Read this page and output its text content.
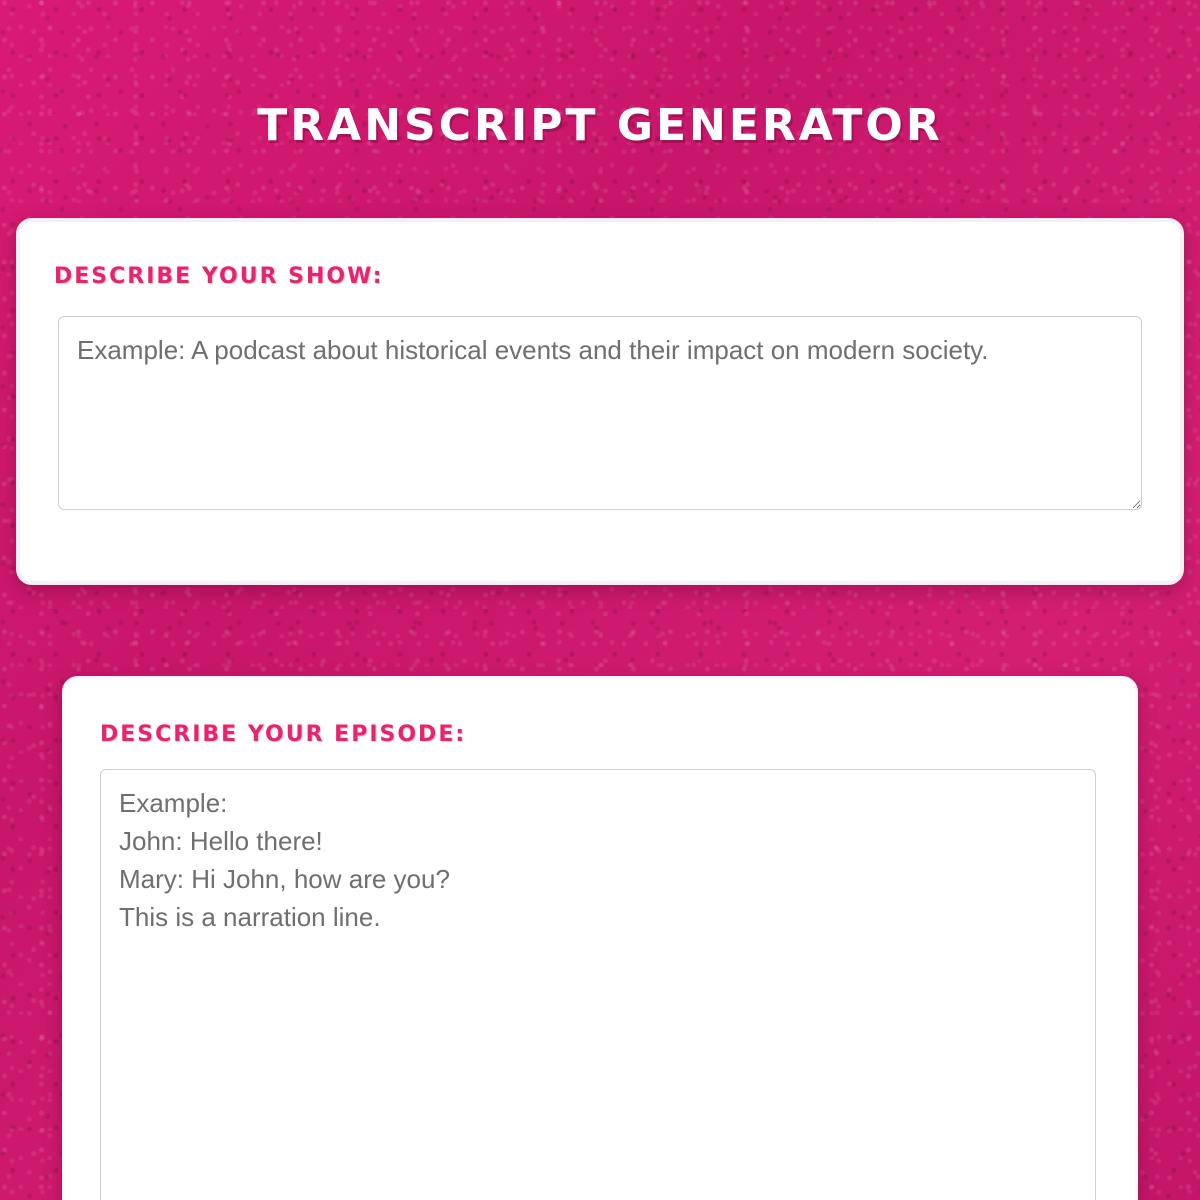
TRANSCRIPT GENERATOR
DESCRIBE YOUR SHOW:
Example: A podcast about historical events and their impact on modern society.
DESCRIBE YOUR EPISODE:
Example: John: Hello there! Mary: Hi John, how are you? This is a narration line.
